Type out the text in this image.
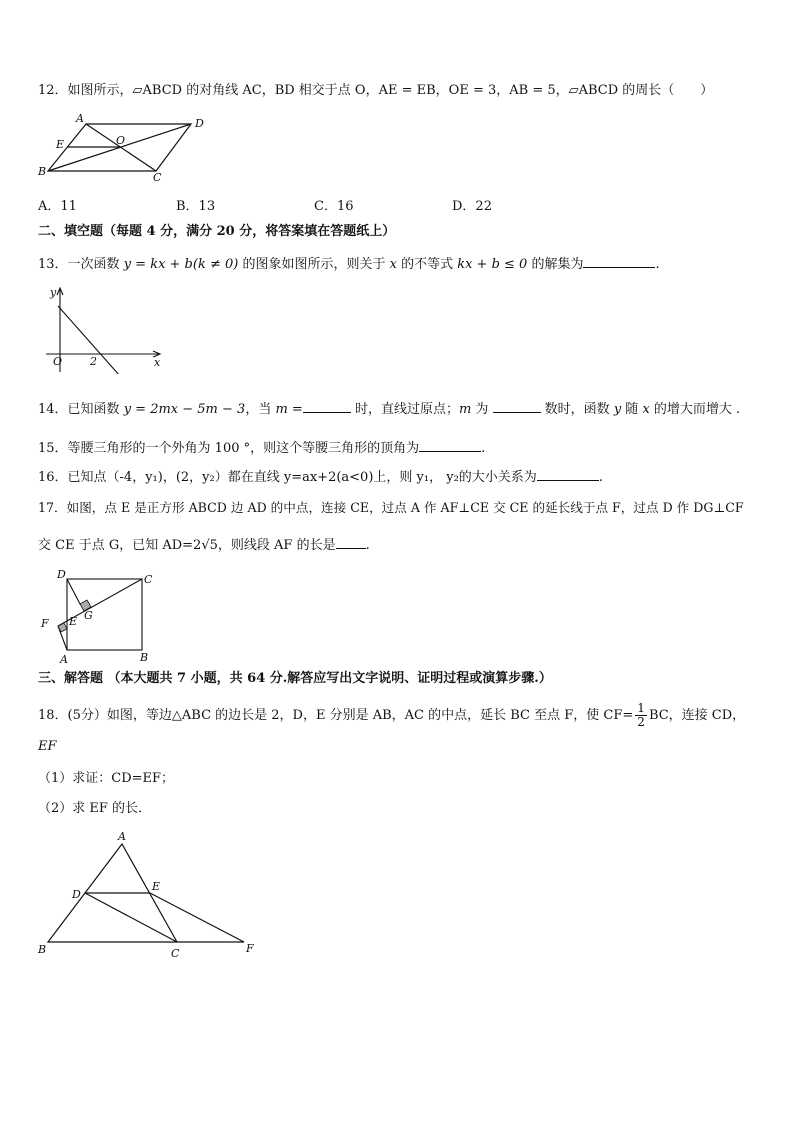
12．如图所示，▱ABCD 的对角线 AC，BD 相交于点 O，AE = EB，OE = 3，AB = 5，▱ABCD 的周长（　　）
A	D
B	C
E	O
A．11	B．13	C．16	D．22
二、填空题（每题 4 分，满分 20 分，将答案填在答题纸上）
13．一次函数 y = kx + b(k ≠ 0) 的图象如图所示，则关于 x 的不等式 kx + b ≤ 0 的解集为	.
y
x
O	2
14．已知函数 y = 2mx − 5m − 3，当 m =	时，直线过原点；m 为	数时，函数 y 随 x 的增大而增大 .
15．等腰三角形的一个外角为 100 °，则这个等腰三角形的顶角为	.
16．已知点（-4，y₁)，(2，y₂）都在直线 y=ax+2(a<0)上，则 y₁， y₂的大小关系为	.
17．如图，点 E 是正方形 ABCD 边 AD 的中点，连接 CE，过点 A 作 AF⊥CE 交 CE 的延长线于点 F，过点 D 作 DG⊥CF
交 CE 于点 G，已知 AD=2√5，则线段 AF 的长是 .
D	C
G
F E
A	B
三、解答题 （本大题共 7 小题，共 64 分.解答应写出文字说明、证明过程或演算步骤.）
18．(5分）如图，等边△ABC 的边长是 2，D，E 分别是 AB，AC 的中点，延长 BC 至点 F，使 $CF= \frac{1}{2}$ BC，连接 CD，
EF
（1）求证：CD=EF；
（2）求 EF 的长．
A
D
E
B	C	F
